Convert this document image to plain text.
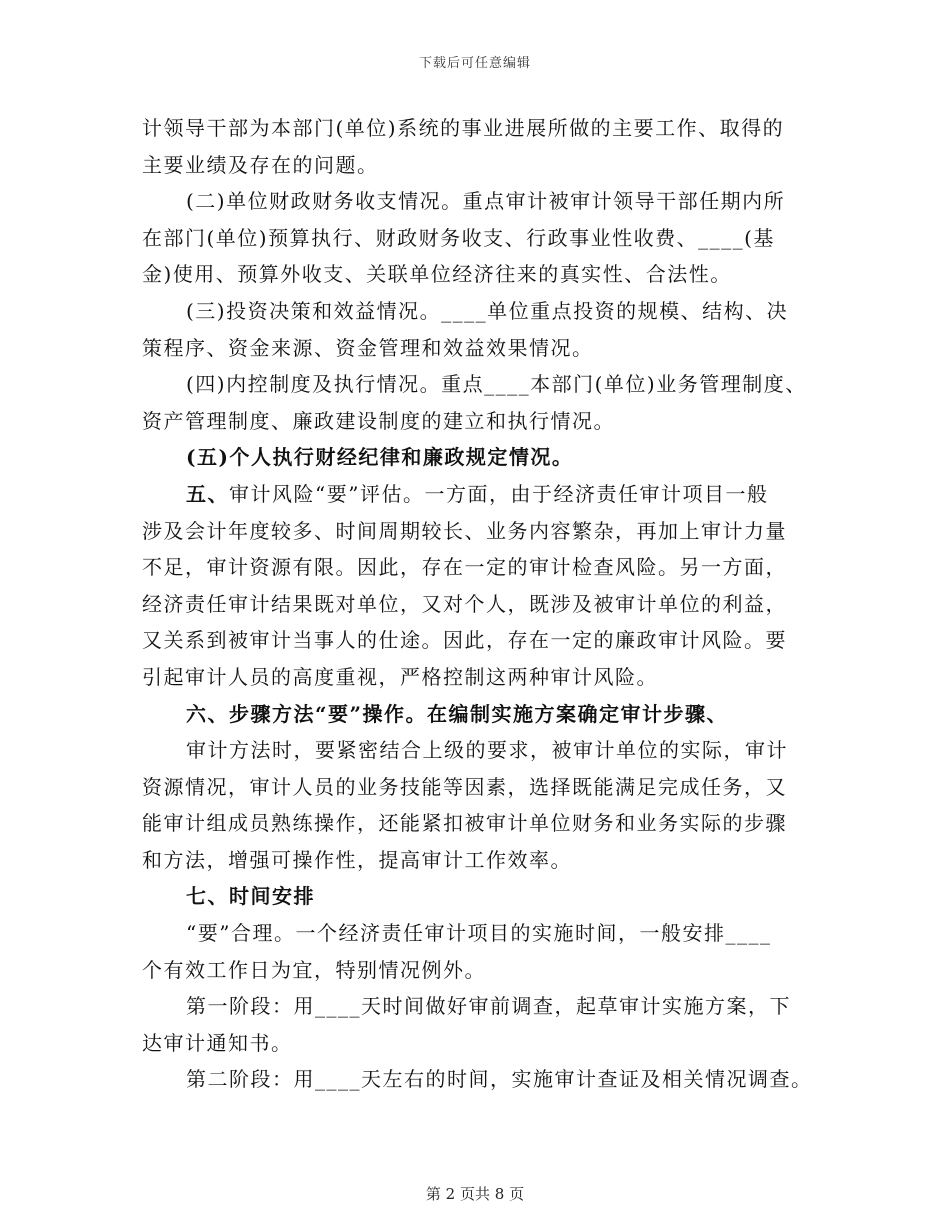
下载后可任意编辑
计领导干部为本部门(单位)系统的事业进展所做的主要工作、取得的
主要业绩及存在的问题。
(二)单位财政财务收支情况。重点审计被审计领导干部任期内所
在部门(单位)预算执行、财政财务收支、行政事业性收费、____(基
金)使用、预算外收支、关联单位经济往来的真实性、合法性。
(三)投资决策和效益情况。____单位重点投资的规模、结构、决
策程序、资金来源、资金管理和效益效果情况。
(四)内控制度及执行情况。重点____本部门(单位)业务管理制度、
资产管理制度、廉政建设制度的建立和执行情况。
(五)个人执行财经纪律和廉政规定情况。
五、审计风险“要”评估。一方面，由于经济责任审计项目一般
涉及会计年度较多、时间周期较长、业务内容繁杂，再加上审计力量
不足，审计资源有限。因此，存在一定的审计检查风险。另一方面，
经济责任审计结果既对单位，又对个人，既涉及被审计单位的利益，
又关系到被审计当事人的仕途。因此，存在一定的廉政审计风险。要
引起审计人员的高度重视，严格控制这两种审计风险。
六、步骤方法“要”操作。在编制实施方案确定审计步骤、
审计方法时，要紧密结合上级的要求，被审计单位的实际，审计
资源情况，审计人员的业务技能等因素，选择既能满足完成任务，又
能审计组成员熟练操作，还能紧扣被审计单位财务和业务实际的步骤
和方法，增强可操作性，提高审计工作效率。
七、时间安排
“要”合理。一个经济责任审计项目的实施时间，一般安排____
个有效工作日为宜，特别情况例外。
第一阶段：用____天时间做好审前调查，起草审计实施方案，下
达审计通知书。
第二阶段：用____天左右的时间，实施审计查证及相关情况调查。
第 2 页共 8 页
